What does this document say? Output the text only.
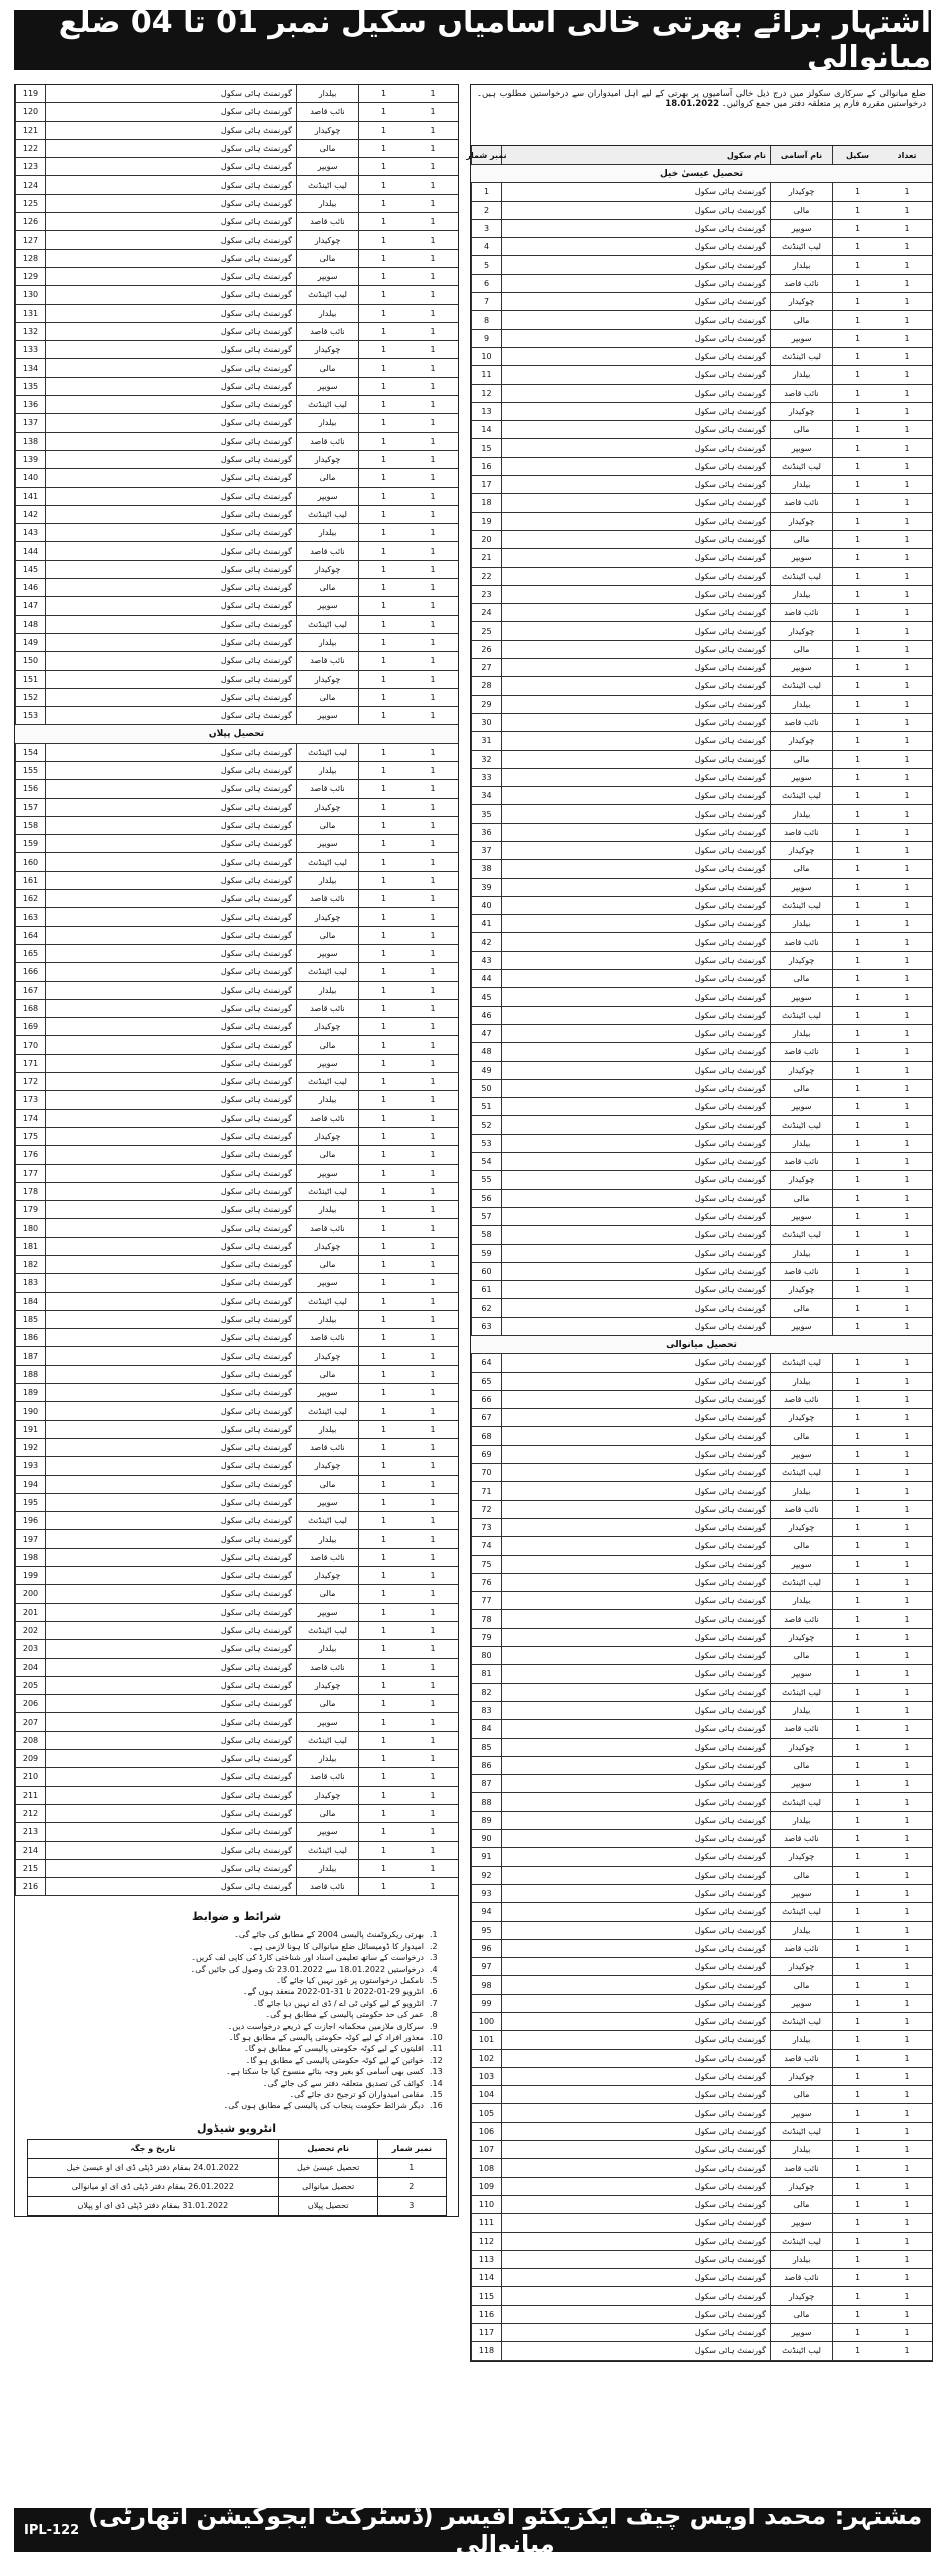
اشتہار برائے بھرتی خالی آسامیاں سکیل نمبر 01 تا 04 ضلع میانوالی
ضلع میانوالی کے سرکاری سکولز میں درج ذیل خالی آسامیوں پر بھرتی کے لیے اہل امیدواران سے درخواستیں مطلوب ہیں۔ درخواستیں مقررہ فارم پر متعلقہ دفتر میں جمع کروائیں۔ 18.01.2022
نمبر شمار	نام سکول	نام آسامی	سکیل	تعداد
تحصیل عیسیٰ خیل
1	گورنمنٹ ہائی سکول	چوکیدار	1	1
2	گورنمنٹ ہائی سکول	مالی	1	1
3	گورنمنٹ ہائی سکول	سویپر	1	1
4	گورنمنٹ ہائی سکول	لیب اٹینڈنٹ	1	1
5	گورنمنٹ ہائی سکول	بیلدار	1	1
6	گورنمنٹ ہائی سکول	نائب قاصد	1	1
7	گورنمنٹ ہائی سکول	چوکیدار	1	1
8	گورنمنٹ ہائی سکول	مالی	1	1
9	گورنمنٹ ہائی سکول	سویپر	1	1
10	گورنمنٹ ہائی سکول	لیب اٹینڈنٹ	1	1
11	گورنمنٹ ہائی سکول	بیلدار	1	1
12	گورنمنٹ ہائی سکول	نائب قاصد	1	1
13	گورنمنٹ ہائی سکول	چوکیدار	1	1
14	گورنمنٹ ہائی سکول	مالی	1	1
15	گورنمنٹ ہائی سکول	سویپر	1	1
16	گورنمنٹ ہائی سکول	لیب اٹینڈنٹ	1	1
17	گورنمنٹ ہائی سکول	بیلدار	1	1
18	گورنمنٹ ہائی سکول	نائب قاصد	1	1
19	گورنمنٹ ہائی سکول	چوکیدار	1	1
20	گورنمنٹ ہائی سکول	مالی	1	1
21	گورنمنٹ ہائی سکول	سویپر	1	1
22	گورنمنٹ ہائی سکول	لیب اٹینڈنٹ	1	1
23	گورنمنٹ ہائی سکول	بیلدار	1	1
24	گورنمنٹ ہائی سکول	نائب قاصد	1	1
25	گورنمنٹ ہائی سکول	چوکیدار	1	1
26	گورنمنٹ ہائی سکول	مالی	1	1
27	گورنمنٹ ہائی سکول	سویپر	1	1
28	گورنمنٹ ہائی سکول	لیب اٹینڈنٹ	1	1
29	گورنمنٹ ہائی سکول	بیلدار	1	1
30	گورنمنٹ ہائی سکول	نائب قاصد	1	1
31	گورنمنٹ ہائی سکول	چوکیدار	1	1
32	گورنمنٹ ہائی سکول	مالی	1	1
33	گورنمنٹ ہائی سکول	سویپر	1	1
34	گورنمنٹ ہائی سکول	لیب اٹینڈنٹ	1	1
35	گورنمنٹ ہائی سکول	بیلدار	1	1
36	گورنمنٹ ہائی سکول	نائب قاصد	1	1
37	گورنمنٹ ہائی سکول	چوکیدار	1	1
38	گورنمنٹ ہائی سکول	مالی	1	1
39	گورنمنٹ ہائی سکول	سویپر	1	1
40	گورنمنٹ ہائی سکول	لیب اٹینڈنٹ	1	1
41	گورنمنٹ ہائی سکول	بیلدار	1	1
42	گورنمنٹ ہائی سکول	نائب قاصد	1	1
43	گورنمنٹ ہائی سکول	چوکیدار	1	1
44	گورنمنٹ ہائی سکول	مالی	1	1
45	گورنمنٹ ہائی سکول	سویپر	1	1
46	گورنمنٹ ہائی سکول	لیب اٹینڈنٹ	1	1
47	گورنمنٹ ہائی سکول	بیلدار	1	1
48	گورنمنٹ ہائی سکول	نائب قاصد	1	1
49	گورنمنٹ ہائی سکول	چوکیدار	1	1
50	گورنمنٹ ہائی سکول	مالی	1	1
51	گورنمنٹ ہائی سکول	سویپر	1	1
52	گورنمنٹ ہائی سکول	لیب اٹینڈنٹ	1	1
53	گورنمنٹ ہائی سکول	بیلدار	1	1
54	گورنمنٹ ہائی سکول	نائب قاصد	1	1
55	گورنمنٹ ہائی سکول	چوکیدار	1	1
56	گورنمنٹ ہائی سکول	مالی	1	1
57	گورنمنٹ ہائی سکول	سویپر	1	1
58	گورنمنٹ ہائی سکول	لیب اٹینڈنٹ	1	1
59	گورنمنٹ ہائی سکول	بیلدار	1	1
60	گورنمنٹ ہائی سکول	نائب قاصد	1	1
61	گورنمنٹ ہائی سکول	چوکیدار	1	1
62	گورنمنٹ ہائی سکول	مالی	1	1
63	گورنمنٹ ہائی سکول	سویپر	1	1
تحصیل میانوالی
64	گورنمنٹ ہائی سکول	لیب اٹینڈنٹ	1	1
65	گورنمنٹ ہائی سکول	بیلدار	1	1
66	گورنمنٹ ہائی سکول	نائب قاصد	1	1
67	گورنمنٹ ہائی سکول	چوکیدار	1	1
68	گورنمنٹ ہائی سکول	مالی	1	1
69	گورنمنٹ ہائی سکول	سویپر	1	1
70	گورنمنٹ ہائی سکول	لیب اٹینڈنٹ	1	1
71	گورنمنٹ ہائی سکول	بیلدار	1	1
72	گورنمنٹ ہائی سکول	نائب قاصد	1	1
73	گورنمنٹ ہائی سکول	چوکیدار	1	1
74	گورنمنٹ ہائی سکول	مالی	1	1
75	گورنمنٹ ہائی سکول	سویپر	1	1
76	گورنمنٹ ہائی سکول	لیب اٹینڈنٹ	1	1
77	گورنمنٹ ہائی سکول	بیلدار	1	1
78	گورنمنٹ ہائی سکول	نائب قاصد	1	1
79	گورنمنٹ ہائی سکول	چوکیدار	1	1
80	گورنمنٹ ہائی سکول	مالی	1	1
81	گورنمنٹ ہائی سکول	سویپر	1	1
82	گورنمنٹ ہائی سکول	لیب اٹینڈنٹ	1	1
83	گورنمنٹ ہائی سکول	بیلدار	1	1
84	گورنمنٹ ہائی سکول	نائب قاصد	1	1
85	گورنمنٹ ہائی سکول	چوکیدار	1	1
86	گورنمنٹ ہائی سکول	مالی	1	1
87	گورنمنٹ ہائی سکول	سویپر	1	1
88	گورنمنٹ ہائی سکول	لیب اٹینڈنٹ	1	1
89	گورنمنٹ ہائی سکول	بیلدار	1	1
90	گورنمنٹ ہائی سکول	نائب قاصد	1	1
91	گورنمنٹ ہائی سکول	چوکیدار	1	1
92	گورنمنٹ ہائی سکول	مالی	1	1
93	گورنمنٹ ہائی سکول	سویپر	1	1
94	گورنمنٹ ہائی سکول	لیب اٹینڈنٹ	1	1
95	گورنمنٹ ہائی سکول	بیلدار	1	1
96	گورنمنٹ ہائی سکول	نائب قاصد	1	1
97	گورنمنٹ ہائی سکول	چوکیدار	1	1
98	گورنمنٹ ہائی سکول	مالی	1	1
99	گورنمنٹ ہائی سکول	سویپر	1	1
100	گورنمنٹ ہائی سکول	لیب اٹینڈنٹ	1	1
101	گورنمنٹ ہائی سکول	بیلدار	1	1
102	گورنمنٹ ہائی سکول	نائب قاصد	1	1
103	گورنمنٹ ہائی سکول	چوکیدار	1	1
104	گورنمنٹ ہائی سکول	مالی	1	1
105	گورنمنٹ ہائی سکول	سویپر	1	1
106	گورنمنٹ ہائی سکول	لیب اٹینڈنٹ	1	1
107	گورنمنٹ ہائی سکول	بیلدار	1	1
108	گورنمنٹ ہائی سکول	نائب قاصد	1	1
109	گورنمنٹ ہائی سکول	چوکیدار	1	1
110	گورنمنٹ ہائی سکول	مالی	1	1
111	گورنمنٹ ہائی سکول	سویپر	1	1
112	گورنمنٹ ہائی سکول	لیب اٹینڈنٹ	1	1
113	گورنمنٹ ہائی سکول	بیلدار	1	1
114	گورنمنٹ ہائی سکول	نائب قاصد	1	1
115	گورنمنٹ ہائی سکول	چوکیدار	1	1
116	گورنمنٹ ہائی سکول	مالی	1	1
117	گورنمنٹ ہائی سکول	سویپر	1	1
118	گورنمنٹ ہائی سکول	لیب اٹینڈنٹ	1	1
119	گورنمنٹ ہائی سکول	بیلدار	1	1
120	گورنمنٹ ہائی سکول	نائب قاصد	1	1
121	گورنمنٹ ہائی سکول	چوکیدار	1	1
122	گورنمنٹ ہائی سکول	مالی	1	1
123	گورنمنٹ ہائی سکول	سویپر	1	1
124	گورنمنٹ ہائی سکول	لیب اٹینڈنٹ	1	1
125	گورنمنٹ ہائی سکول	بیلدار	1	1
126	گورنمنٹ ہائی سکول	نائب قاصد	1	1
127	گورنمنٹ ہائی سکول	چوکیدار	1	1
128	گورنمنٹ ہائی سکول	مالی	1	1
129	گورنمنٹ ہائی سکول	سویپر	1	1
130	گورنمنٹ ہائی سکول	لیب اٹینڈنٹ	1	1
131	گورنمنٹ ہائی سکول	بیلدار	1	1
132	گورنمنٹ ہائی سکول	نائب قاصد	1	1
133	گورنمنٹ ہائی سکول	چوکیدار	1	1
134	گورنمنٹ ہائی سکول	مالی	1	1
135	گورنمنٹ ہائی سکول	سویپر	1	1
136	گورنمنٹ ہائی سکول	لیب اٹینڈنٹ	1	1
137	گورنمنٹ ہائی سکول	بیلدار	1	1
138	گورنمنٹ ہائی سکول	نائب قاصد	1	1
139	گورنمنٹ ہائی سکول	چوکیدار	1	1
140	گورنمنٹ ہائی سکول	مالی	1	1
141	گورنمنٹ ہائی سکول	سویپر	1	1
142	گورنمنٹ ہائی سکول	لیب اٹینڈنٹ	1	1
143	گورنمنٹ ہائی سکول	بیلدار	1	1
144	گورنمنٹ ہائی سکول	نائب قاصد	1	1
145	گورنمنٹ ہائی سکول	چوکیدار	1	1
146	گورنمنٹ ہائی سکول	مالی	1	1
147	گورنمنٹ ہائی سکول	سویپر	1	1
148	گورنمنٹ ہائی سکول	لیب اٹینڈنٹ	1	1
149	گورنمنٹ ہائی سکول	بیلدار	1	1
150	گورنمنٹ ہائی سکول	نائب قاصد	1	1
151	گورنمنٹ ہائی سکول	چوکیدار	1	1
152	گورنمنٹ ہائی سکول	مالی	1	1
153	گورنمنٹ ہائی سکول	سویپر	1	1
تحصیل پپلاں
154	گورنمنٹ ہائی سکول	لیب اٹینڈنٹ	1	1
155	گورنمنٹ ہائی سکول	بیلدار	1	1
156	گورنمنٹ ہائی سکول	نائب قاصد	1	1
157	گورنمنٹ ہائی سکول	چوکیدار	1	1
158	گورنمنٹ ہائی سکول	مالی	1	1
159	گورنمنٹ ہائی سکول	سویپر	1	1
160	گورنمنٹ ہائی سکول	لیب اٹینڈنٹ	1	1
161	گورنمنٹ ہائی سکول	بیلدار	1	1
162	گورنمنٹ ہائی سکول	نائب قاصد	1	1
163	گورنمنٹ ہائی سکول	چوکیدار	1	1
164	گورنمنٹ ہائی سکول	مالی	1	1
165	گورنمنٹ ہائی سکول	سویپر	1	1
166	گورنمنٹ ہائی سکول	لیب اٹینڈنٹ	1	1
167	گورنمنٹ ہائی سکول	بیلدار	1	1
168	گورنمنٹ ہائی سکول	نائب قاصد	1	1
169	گورنمنٹ ہائی سکول	چوکیدار	1	1
170	گورنمنٹ ہائی سکول	مالی	1	1
171	گورنمنٹ ہائی سکول	سویپر	1	1
172	گورنمنٹ ہائی سکول	لیب اٹینڈنٹ	1	1
173	گورنمنٹ ہائی سکول	بیلدار	1	1
174	گورنمنٹ ہائی سکول	نائب قاصد	1	1
175	گورنمنٹ ہائی سکول	چوکیدار	1	1
176	گورنمنٹ ہائی سکول	مالی	1	1
177	گورنمنٹ ہائی سکول	سویپر	1	1
178	گورنمنٹ ہائی سکول	لیب اٹینڈنٹ	1	1
179	گورنمنٹ ہائی سکول	بیلدار	1	1
180	گورنمنٹ ہائی سکول	نائب قاصد	1	1
181	گورنمنٹ ہائی سکول	چوکیدار	1	1
182	گورنمنٹ ہائی سکول	مالی	1	1
183	گورنمنٹ ہائی سکول	سویپر	1	1
184	گورنمنٹ ہائی سکول	لیب اٹینڈنٹ	1	1
185	گورنمنٹ ہائی سکول	بیلدار	1	1
186	گورنمنٹ ہائی سکول	نائب قاصد	1	1
187	گورنمنٹ ہائی سکول	چوکیدار	1	1
188	گورنمنٹ ہائی سکول	مالی	1	1
189	گورنمنٹ ہائی سکول	سویپر	1	1
190	گورنمنٹ ہائی سکول	لیب اٹینڈنٹ	1	1
191	گورنمنٹ ہائی سکول	بیلدار	1	1
192	گورنمنٹ ہائی سکول	نائب قاصد	1	1
193	گورنمنٹ ہائی سکول	چوکیدار	1	1
194	گورنمنٹ ہائی سکول	مالی	1	1
195	گورنمنٹ ہائی سکول	سویپر	1	1
196	گورنمنٹ ہائی سکول	لیب اٹینڈنٹ	1	1
197	گورنمنٹ ہائی سکول	بیلدار	1	1
198	گورنمنٹ ہائی سکول	نائب قاصد	1	1
199	گورنمنٹ ہائی سکول	چوکیدار	1	1
200	گورنمنٹ ہائی سکول	مالی	1	1
201	گورنمنٹ ہائی سکول	سویپر	1	1
202	گورنمنٹ ہائی سکول	لیب اٹینڈنٹ	1	1
203	گورنمنٹ ہائی سکول	بیلدار	1	1
204	گورنمنٹ ہائی سکول	نائب قاصد	1	1
205	گورنمنٹ ہائی سکول	چوکیدار	1	1
206	گورنمنٹ ہائی سکول	مالی	1	1
207	گورنمنٹ ہائی سکول	سویپر	1	1
208	گورنمنٹ ہائی سکول	لیب اٹینڈنٹ	1	1
209	گورنمنٹ ہائی سکول	بیلدار	1	1
210	گورنمنٹ ہائی سکول	نائب قاصد	1	1
211	گورنمنٹ ہائی سکول	چوکیدار	1	1
212	گورنمنٹ ہائی سکول	مالی	1	1
213	گورنمنٹ ہائی سکول	سویپر	1	1
214	گورنمنٹ ہائی سکول	لیب اٹینڈنٹ	1	1
215	گورنمنٹ ہائی سکول	بیلدار	1	1
216	گورنمنٹ ہائی سکول	نائب قاصد	1	1
شرائط و ضوابط
1.
بھرتی ریکروٹمنٹ پالیسی 2004 کے مطابق کی جائے گی۔
2.
امیدوار کا ڈومیسائل ضلع میانوالی کا ہونا لازمی ہے۔
3.
درخواست کے ساتھ تعلیمی اسناد اور شناختی کارڈ کی کاپی لف کریں۔
4.
درخواستیں 18.01.2022 سے 23.01.2022 تک وصول کی جائیں گی۔
5.
نامکمل درخواستوں پر غور نہیں کیا جائے گا۔
6.
انٹرویو 29-01-2022 تا 31-01-2022 منعقد ہوں گے۔
7.
انٹرویو کے لیے کوئی ٹی اے / ڈی اے نہیں دیا جائے گا۔
8.
عمر کی حد حکومتی پالیسی کے مطابق ہو گی۔
9.
سرکاری ملازمین محکمانہ اجازت کے ذریعے درخواست دیں۔
10.
معذور افراد کے لیے کوٹہ حکومتی پالیسی کے مطابق ہو گا۔
11.
اقلیتوں کے لیے کوٹہ حکومتی پالیسی کے مطابق ہو گا۔
12.
خواتین کے لیے کوٹہ حکومتی پالیسی کے مطابق ہو گا۔
13.
کسی بھی آسامی کو بغیر وجہ بتائے منسوخ کیا جا سکتا ہے۔
14.
کوائف کی تصدیق متعلقہ دفتر سے کی جائے گی۔
15.
مقامی امیدواران کو ترجیح دی جائے گی۔
16.
دیگر شرائط حکومت پنجاب کی پالیسی کے مطابق ہوں گی۔
انٹرویو شیڈول
نمبر شمار	نام تحصیل	تاریخ و جگہ
1	تحصیل عیسیٰ خیل	24.01.2022 بمقام دفتر ڈپٹی ڈی ای او عیسیٰ خیل
2	تحصیل میانوالی	26.01.2022 بمقام دفتر ڈپٹی ڈی ای او میانوالی
3	تحصیل پپلاں	31.01.2022 بمقام دفتر ڈپٹی ڈی ای او پپلاں
مشتہر: محمد اویس چیف ایگزیکٹو آفیسر (ڈسٹرکٹ ایجوکیشن اتھارٹی) میانوالی
IPL-122
